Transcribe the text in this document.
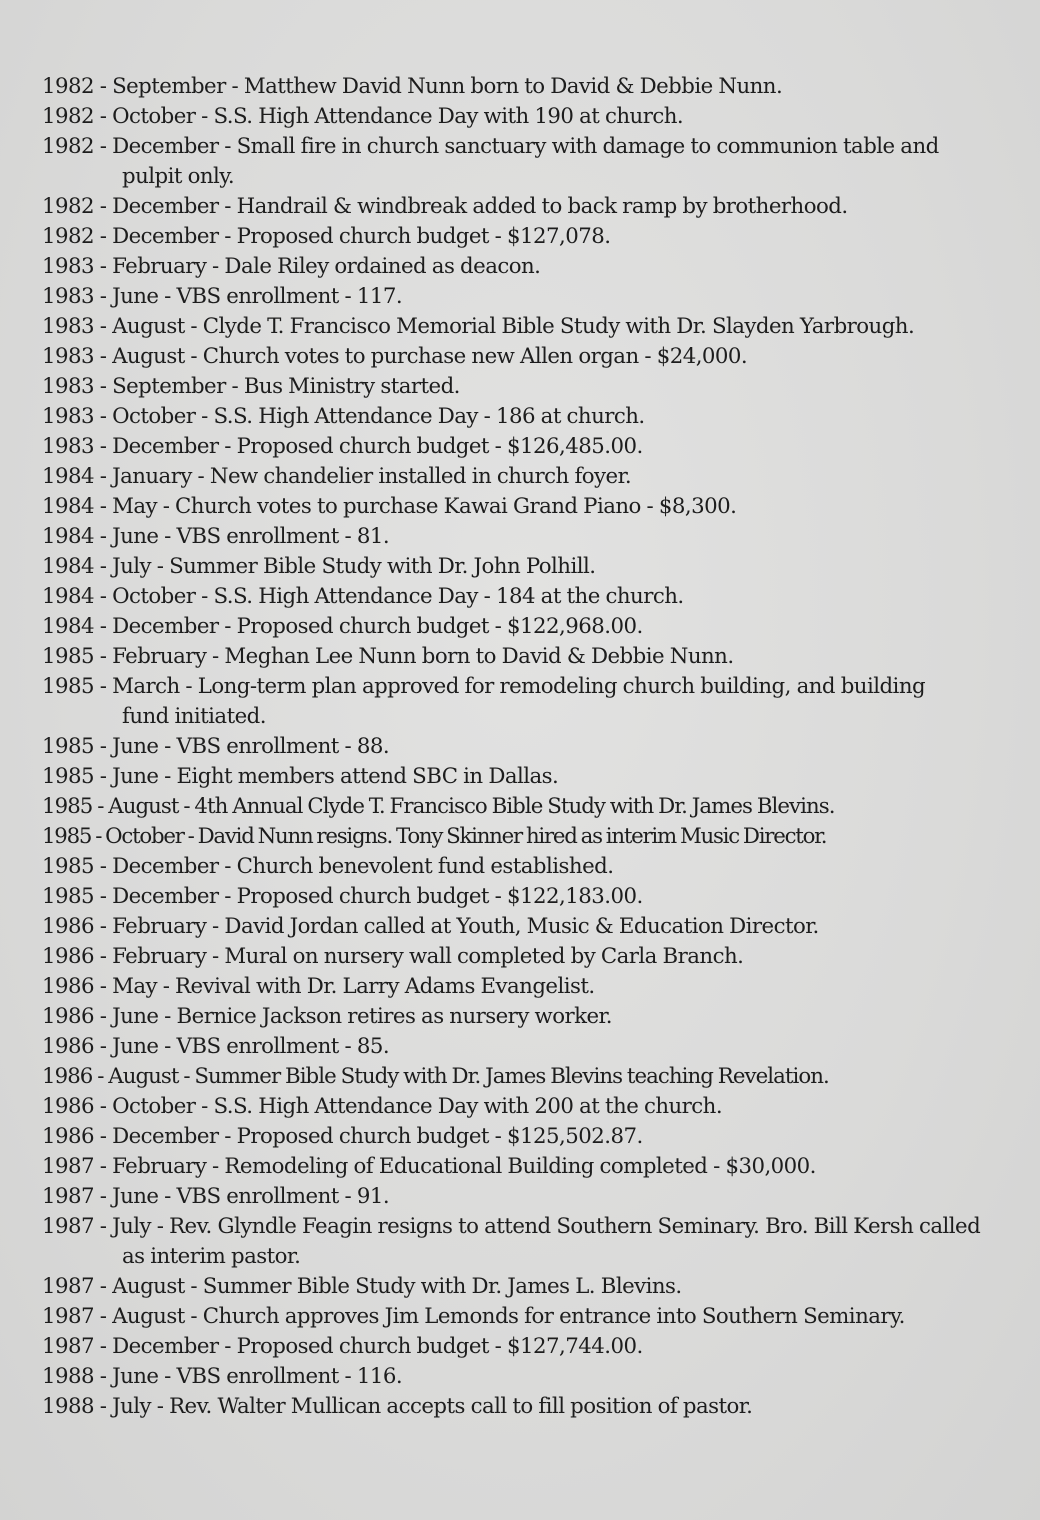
1982 - September - Matthew David Nunn born to David & Debbie Nunn.
1982 - October - S.S. High Attendance Day with 190 at church.
1982 - December - Small fire in church sanctuary with damage to communion table and pulpit only.
1982 - December - Handrail & windbreak added to back ramp by brotherhood.
1982 - December - Proposed church budget - $127,078.
1983 - February - Dale Riley ordained as deacon.
1983 - June - VBS enrollment - 117.
1983 - August - Clyde T. Francisco Memorial Bible Study with Dr. Slayden Yarbrough.
1983 - August - Church votes to purchase new Allen organ - $24,000.
1983 - September - Bus Ministry started.
1983 - October - S.S. High Attendance Day - 186 at church.
1983 - December - Proposed church budget - $126,485.00.
1984 - January - New chandelier installed in church foyer.
1984 - May - Church votes to purchase Kawai Grand Piano - $8,300.
1984 - June - VBS enrollment - 81.
1984 - July - Summer Bible Study with Dr. John Polhill.
1984 - October - S.S. High Attendance Day - 184 at the church.
1984 - December - Proposed church budget - $122,968.00.
1985 - February - Meghan Lee Nunn born to David & Debbie Nunn.
1985 - March - Long-term plan approved for remodeling church building, and building fund initiated.
1985 - June - VBS enrollment - 88.
1985 - June - Eight members attend SBC in Dallas.
1985 - August - 4th Annual Clyde T. Francisco Bible Study with Dr. James Blevins.
1985 - October - David Nunn resigns. Tony Skinner hired as interim Music Director.
1985 - December - Church benevolent fund established.
1985 - December - Proposed church budget - $122,183.00.
1986 - February - David Jordan called at Youth, Music & Education Director.
1986 - February - Mural on nursery wall completed by Carla Branch.
1986 - May - Revival with Dr. Larry Adams Evangelist.
1986 - June - Bernice Jackson retires as nursery worker.
1986 - June - VBS enrollment - 85.
1986 - August - Summer Bible Study with Dr. James Blevins teaching Revelation.
1986 - October - S.S. High Attendance Day with 200 at the church.
1986 - December - Proposed church budget - $125,502.87.
1987 - February - Remodeling of Educational Building completed - $30,000.
1987 - June - VBS enrollment - 91.
1987 - July - Rev. Glyndle Feagin resigns to attend Southern Seminary. Bro. Bill Kersh called as interim pastor.
1987 - August - Summer Bible Study with Dr. James L. Blevins.
1987 - August - Church approves Jim Lemonds for entrance into Southern Seminary.
1987 - December - Proposed church budget - $127,744.00.
1988 - June - VBS enrollment - 116.
1988 - July - Rev. Walter Mullican accepts call to fill position of pastor.
